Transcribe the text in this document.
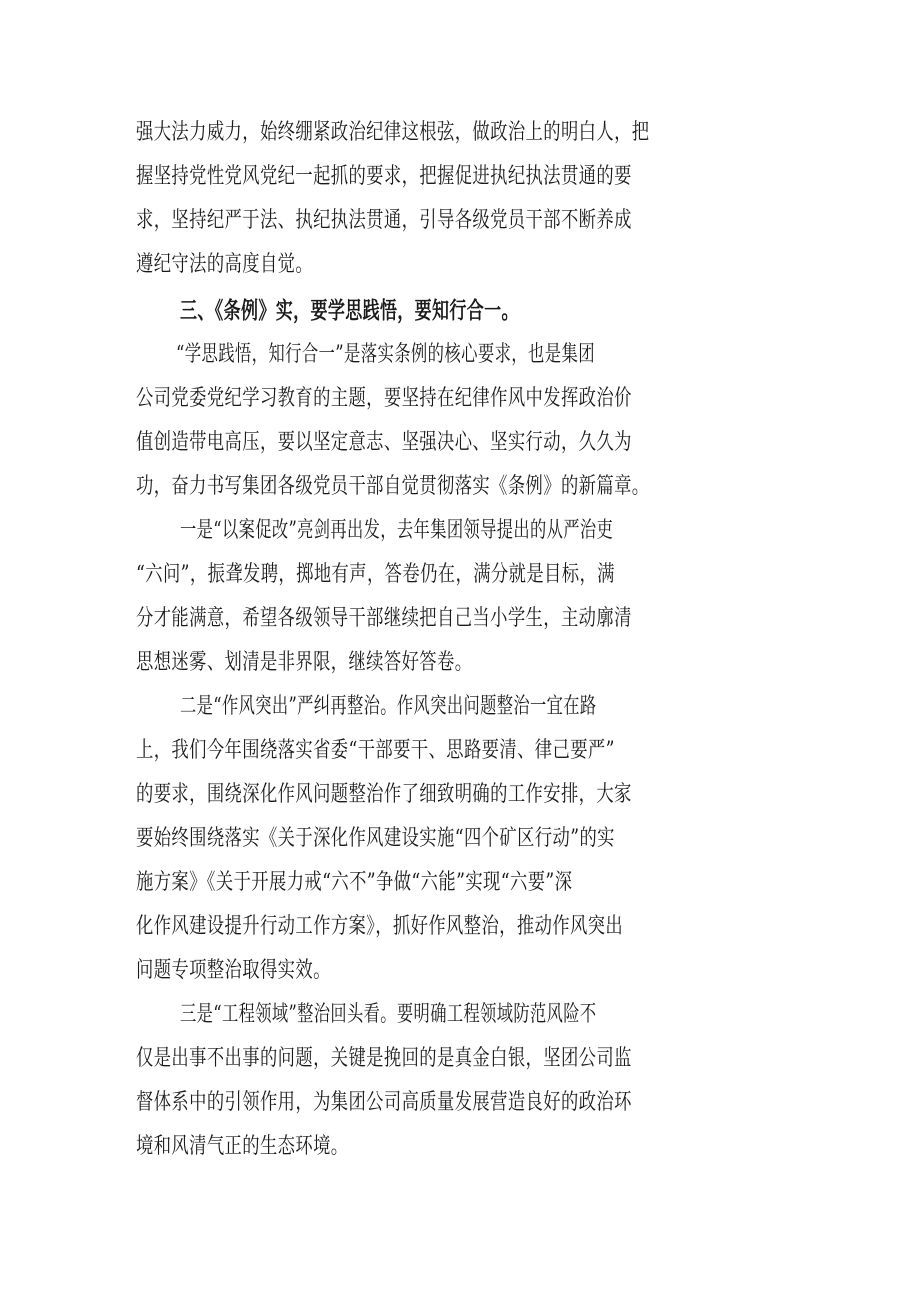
强大法力威力，始终绷紧政治纪律这根弦，做政治上的明白人，把
握坚持党性党风党纪一起抓的要求，把握促进执纪执法贯通的要
求，坚持纪严于法、执纪执法贯通，引导各级党员干部不断养成
遵纪守法的高度自觉。
三、《条例》实，要学思践悟，要知行合一。
“学思践悟，知行合一”是落实条例的核心要求，也是集团
公司党委党纪学习教育的主题，要坚持在纪律作风中发挥政治价
值创造带电高压，要以坚定意志、坚强决心、坚实行动，久久为
功，奋力书写集团各级党员干部自觉贯彻落实《条例》的新篇章。
一是“以案促改”亮剑再出发，去年集团领导提出的从严治吏
“六问”，振聋发聘，掷地有声，答卷仍在，满分就是目标，满
分才能满意，希望各级领导干部继续把自己当小学生，主动廓清
思想迷雾、划清是非界限，继续答好答卷。
二是“作风突出”严纠再整治。作风突出问题整治一宜在路
上，我们今年围绕落实省委“干部要干、思路要清、律己要严”
的要求，围绕深化作风问题整治作了细致明确的工作安排，大家
要始终围绕落实《关于深化作风建设实施“四个矿区行动”的实
施方案》《关于开展力戒“六不”争做“六能”实现“六要”深
化作风建设提升行动工作方案》，抓好作风整治，推动作风突出
问题专项整治取得实效。
三是“工程领域”整治回头看。要明确工程领域防范风险不
仅是出事不出事的问题，关键是挽回的是真金白银，坚团公司监
督体系中的引领作用，为集团公司高质量发展营造良好的政治环
境和风清气正的生态环境。
